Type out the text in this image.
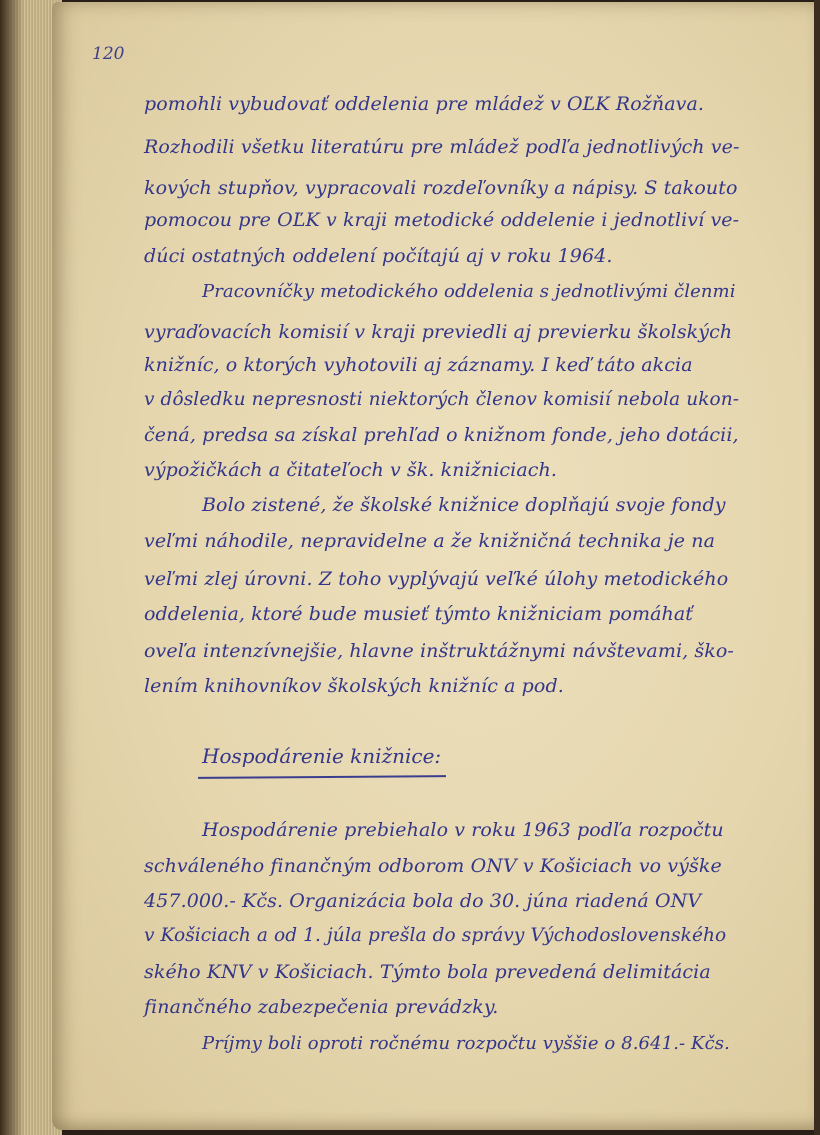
120
pomohli vybudovať oddelenia pre mládež v OĽK Rožňava.
Rozhodili všetku literatúru pre mládež podľa jednotlivých ve-
kových stupňov, vypracovali rozdeľovníky a nápisy. S takouto
pomocou pre OĽK v kraji metodické oddelenie i jednotliví ve-
dúci ostatných oddelení počítajú aj v roku 1964.
Pracovníčky metodického oddelenia s jednotlivými členmi
vyraďovacích komisií v kraji previedli aj previerku školských
knižníc, o ktorých vyhotovili aj záznamy. I keď táto akcia
v dôsledku nepresnosti niektorých členov komisií nebola ukon-
čená, predsa sa získal prehľad o knižnom fonde, jeho dotácii,
výpožičkách a čitateľoch v šk. knižniciach.
Bolo zistené, že školské knižnice doplňajú svoje fondy
veľmi náhodile, nepravidelne a že knižničná technika je na
veľmi zlej úrovni. Z toho vyplývajú veľké úlohy metodického
oddelenia, ktoré bude musieť týmto knižniciam pomáhať
oveľa intenzívnejšie, hlavne inštruktážnymi návštevami, ško-
lením knihovníkov školských knižníc a pod.
Hospodárenie knižnice:
Hospodárenie prebiehalo v roku 1963 podľa rozpočtu
schváleného finančným odborom ONV v Košiciach vo výške
457.000.- Kčs. Organizácia bola do 30. júna riadená ONV
v Košiciach a od 1. júla prešla do správy Východoslovenského
ského KNV v Košiciach. Týmto bola prevedená delimitácia
finančného zabezpečenia prevádzky.
Príjmy boli oproti ročnému rozpočtu vyššie o 8.641.- Kčs.
